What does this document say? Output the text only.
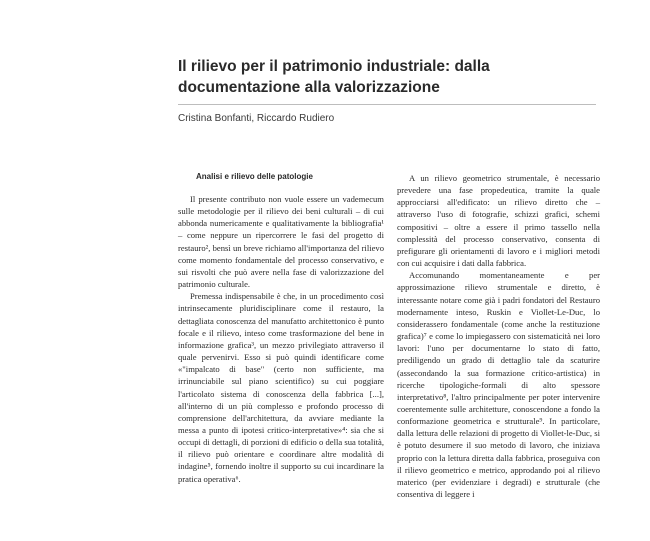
Il rilievo per il patrimonio industriale: dalla documentazione alla valorizzazione
Cristina Bonfanti, Riccardo Rudiero
Analisi e rilievo delle patologie

Il presente contributo non vuole essere un vademecum sulle metodologie per il rilievo dei beni culturali – di cui abbonda numericamente e qualitativamente la bibliografia¹ – come neppure un ripercorrere le fasi del progetto di restauro², bensì un breve richiamo all'importanza del rilievo come momento fondamentale del processo conservativo, e sui risvolti che può avere nella fase di valorizzazione del patrimonio culturale.

Premessa indispensabile è che, in un procedimento così intrinsecamente pluridisciplinare come il restauro, la dettagliata conoscenza del manufatto architettonico è punto focale e il rilievo, inteso come trasformazione del bene in informazione grafica³, un mezzo privilegiato attraverso il quale pervenirvi. Esso si può quindi identificare come «"impalcato di base" (certo non sufficiente, ma irrinunciabile sul piano scientifico) su cui poggiare l'articolato sistema di conoscenza della fabbrica [...], all'interno di un più complesso e profondo processo di comprensione dell'architettura, da avviare mediante la messa a punto di ipotesi critico-interpretative»⁴: sia che si occupi di dettagli, di porzioni di edificio o della sua totalità, il rilievo può orientare e coordinare altre modalità di indagine⁵, fornendo inoltre il supporto su cui incardinare la pratica operativa⁶.

A un rilievo geometrico strumentale, è necessario prevedere una fase propedeutica, tramite la quale approcciarsi all'edificato: un rilievo diretto che – attraverso l'uso di fotografie, schizzi grafici, schemi compositivi – oltre a essere il primo tassello nella complessità del processo conservativo, consenta di prefigurare gli orientamenti di lavoro e i migliori metodi con cui acquisire i dati dalla fabbrica.

Accomunando momentaneamente e per approssimazione rilievo strumentale e diretto, è interessante notare come già i padri fondatori del Restauro modernamente inteso, Ruskin e Viollet-Le-Duc, lo considerassero fondamentale (come anche la restituzione grafica)⁷ e come lo impiegassero con sistematicità nei loro lavori: l'uno per documentarne lo stato di fatto, prediligendo un grado di dettaglio tale da scaturire (assecondando la sua formazione critico-artistica) in ricerche tipologiche-formali di alto spessore interpretativo⁸, l'altro principalmente per poter intervenire coerentemente sulle architetture, conoscendone a fondo la conformazione geometrica e strutturale⁹. In particolare, dalla lettura delle relazioni di progetto di Viollet-le-Duc, si è potuto desumere il suo metodo di lavoro, che iniziava proprio con la lettura diretta dalla fabbrica, proseguiva con il rilievo geometrico e metrico, approdando poi al rilievo materico (per evidenziare i degradi) e strutturale (che consentiva di leggere i
